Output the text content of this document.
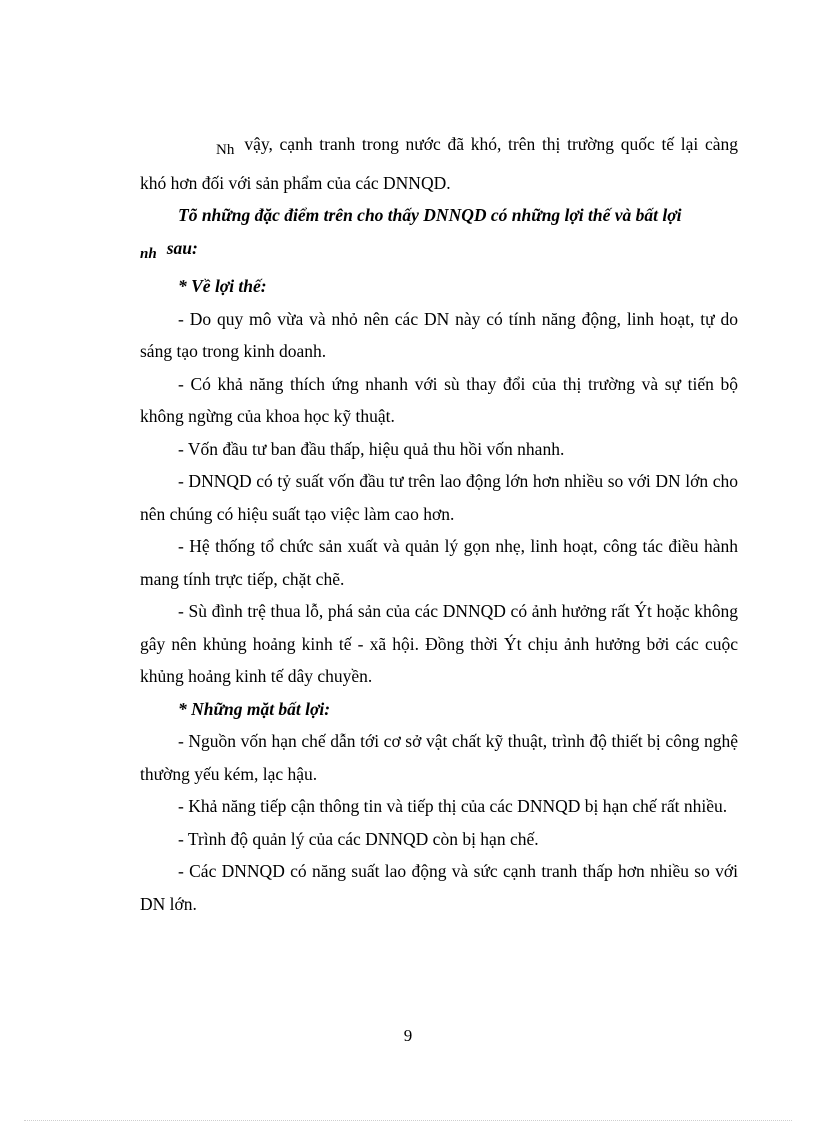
Nh vậy, cạnh tranh trong nước đã khó, trên thị trường quốc tế lại càng khó hơn đối với sản phẩm của các DNNQD.

Tõ những đặc điểm trên cho thấy DNNQD có những lợi thế và bất lợi
nh sau:

* Về lợi thế:

- Do quy mô vừa và nhỏ nên các DN này có tính năng động, linh hoạt, tự do sáng tạo trong kinh doanh.

- Có khả năng thích ứng nhanh với sù thay đổi của thị trường và sự tiến bộ không ngừng của khoa học kỹ thuật.

- Vốn đầu tư ban đầu thấp, hiệu quả thu hồi vốn nhanh.

- DNNQD có tỷ suất vốn đầu tư trên lao động lớn hơn nhiều so với DN lớn cho nên chúng có hiệu suất tạo việc làm cao hơn.

- Hệ thống tổ chức sản xuất và quản lý gọn nhẹ, linh hoạt, công tác điều hành mang tính trực tiếp, chặt chẽ.

- Sù đình trệ thua lỗ, phá sản của các DNNQD có ảnh hưởng rất Ýt hoặc không gây nên khủng hoảng kinh tế - xã hội. Đồng thời Ýt chịu ảnh hưởng bởi các cuộc khủng hoảng kinh tế dây chuyền.

* Những mặt bất lợi:

- Nguồn vốn hạn chế dẫn tới cơ sở vật chất kỹ thuật, trình độ thiết bị công nghệ thường yếu kém, lạc hậu.

- Khả năng tiếp cận thông tin và tiếp thị của các DNNQD bị hạn chế rất nhiều.

- Trình độ quản lý của các DNNQD còn bị hạn chế.

- Các DNNQD có năng suất lao động và sức cạnh tranh thấp hơn nhiều so với DN lớn.

9
